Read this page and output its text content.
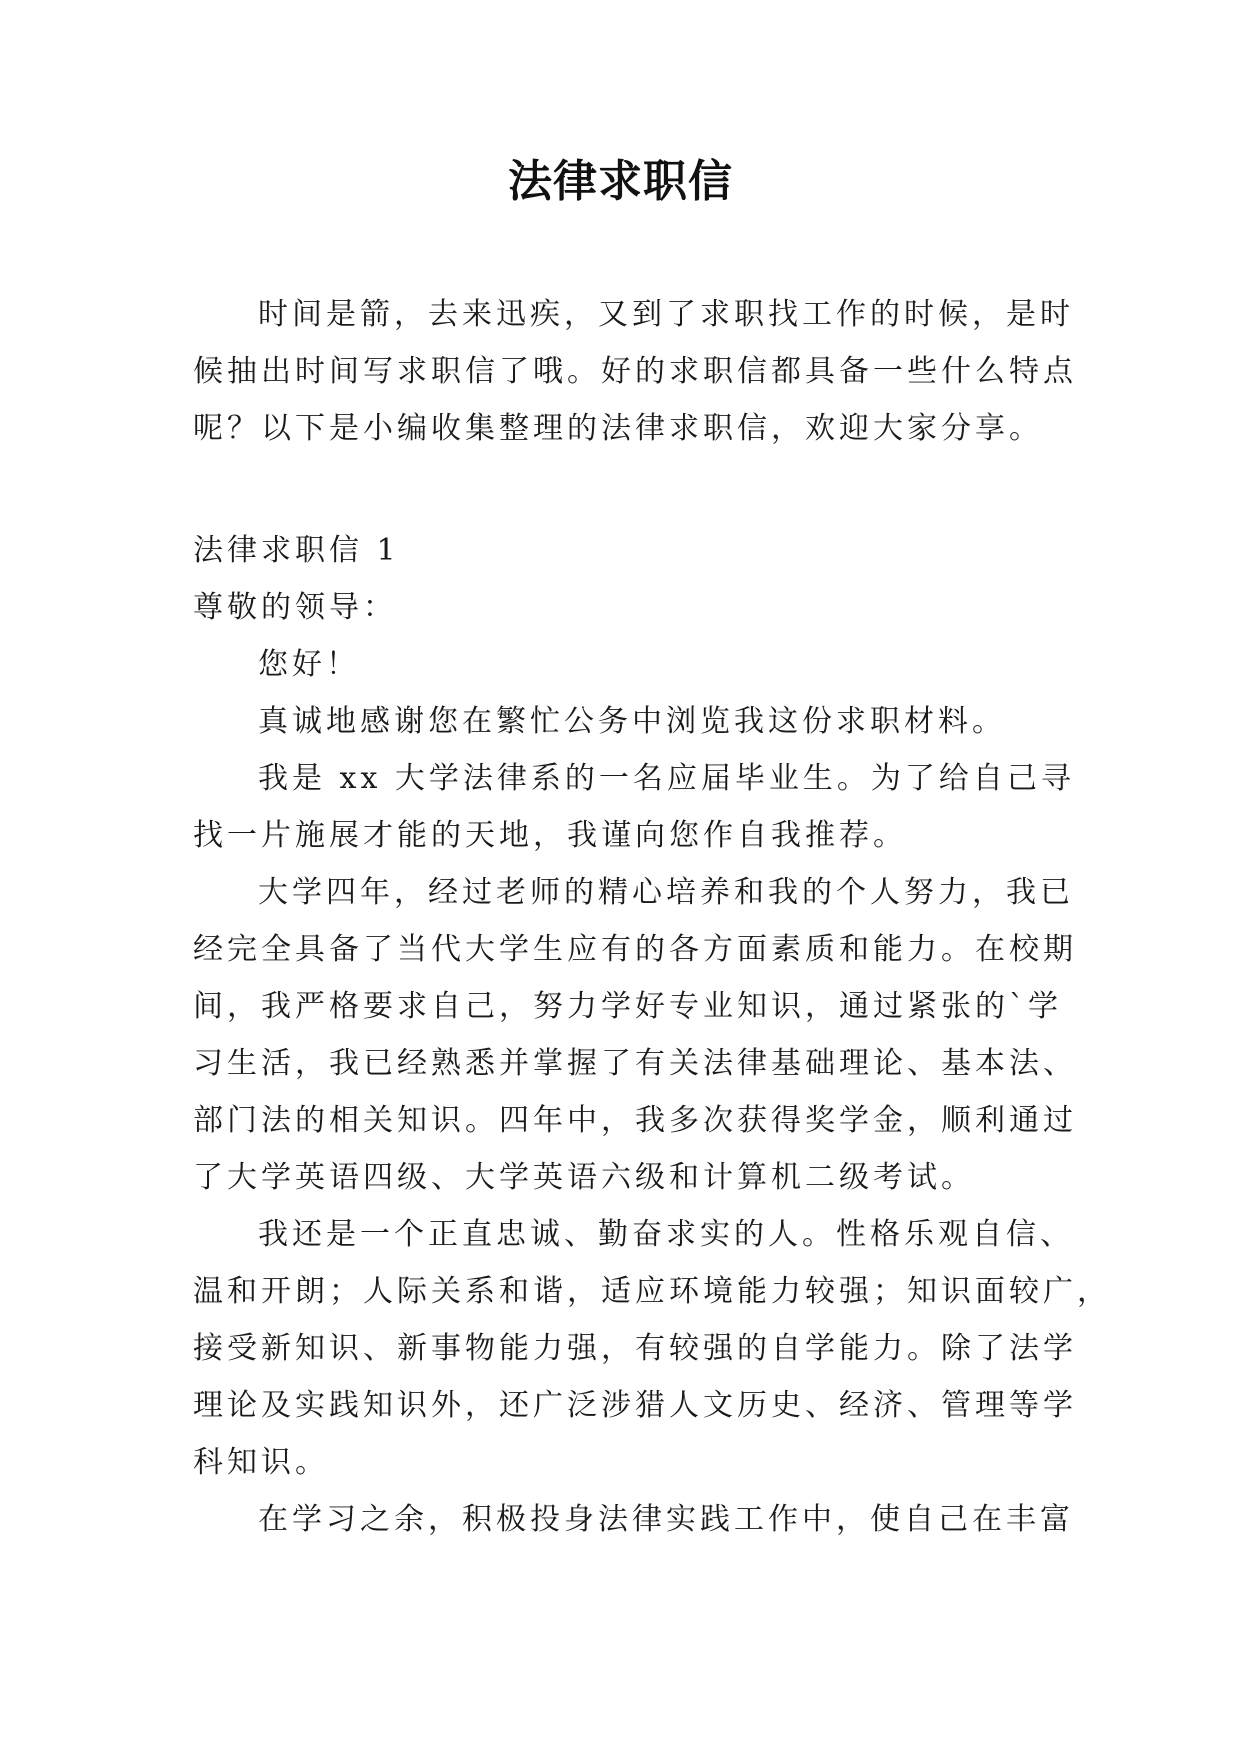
法律求职信

时间是箭，去来迅疾，又到了求职找工作的时候，是时

候抽出时间写求职信了哦。好的求职信都具备一些什么特点

呢？以下是小编收集整理的法律求职信，欢迎大家分享。

法律求职信 1

尊敬的领导：

您好！

真诚地感谢您在繁忙公务中浏览我这份求职材料。

我是 xx 大学法律系的一名应届毕业生。为了给自己寻

找一片施展才能的天地，我谨向您作自我推荐。

大学四年，经过老师的精心培养和我的个人努力，我已

经完全具备了当代大学生应有的各方面素质和能力。在校期

间，我严格要求自己，努力学好专业知识，通过紧张的`学

习生活，我已经熟悉并掌握了有关法律基础理论、基本法、

部门法的相关知识。四年中，我多次获得奖学金，顺利通过

了大学英语四级、大学英语六级和计算机二级考试。

我还是一个正直忠诚、勤奋求实的人。性格乐观自信、

温和开朗；人际关系和谐，适应环境能力较强；知识面较广，

接受新知识、新事物能力强，有较强的自学能力。除了法学

理论及实践知识外，还广泛涉猎人文历史、经济、管理等学

科知识。

在学习之余，积极投身法律实践工作中，使自己在丰富
